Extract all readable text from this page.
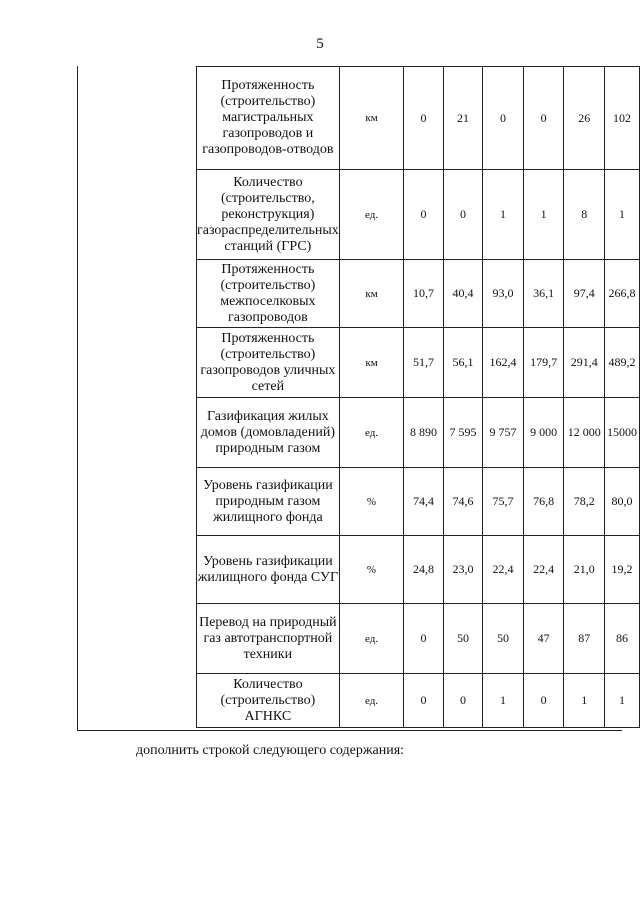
5
Протяженность (строительство) магистральных газопроводов и газопроводов-отводов	км	0	21	0	0	26	102
Количество (строительство, реконструкция) газораспределительных станций (ГРС)	ед.	0	0	1	1	8	1
Протяженность (строительство) межпоселковых газопроводов	км	10,7	40,4	93,0	36,1	97,4	266,8
Протяженность (строительство) газопроводов уличных сетей	км	51,7	56,1	162,4	179,7	291,4	489,2
Газификация жилых домов (домовладений) природным газом	ед.	8 890	7 595	9 757	9 000	12 000	15000
Уровень газификации природным газом жилищного фонда	%	74,4	74,6	75,7	76,8	78,2	80,0
Уровень газификации жилищного фонда СУГ	%	24,8	23,0	22,4	22,4	21,0	19,2
Перевод на природный газ автотранспортной техники	ед.	0	50	50	47	87	86
Количество (строительство) АГНКС	ед.	0	0	1	0	1	1
дополнить строкой следующего содержания:
